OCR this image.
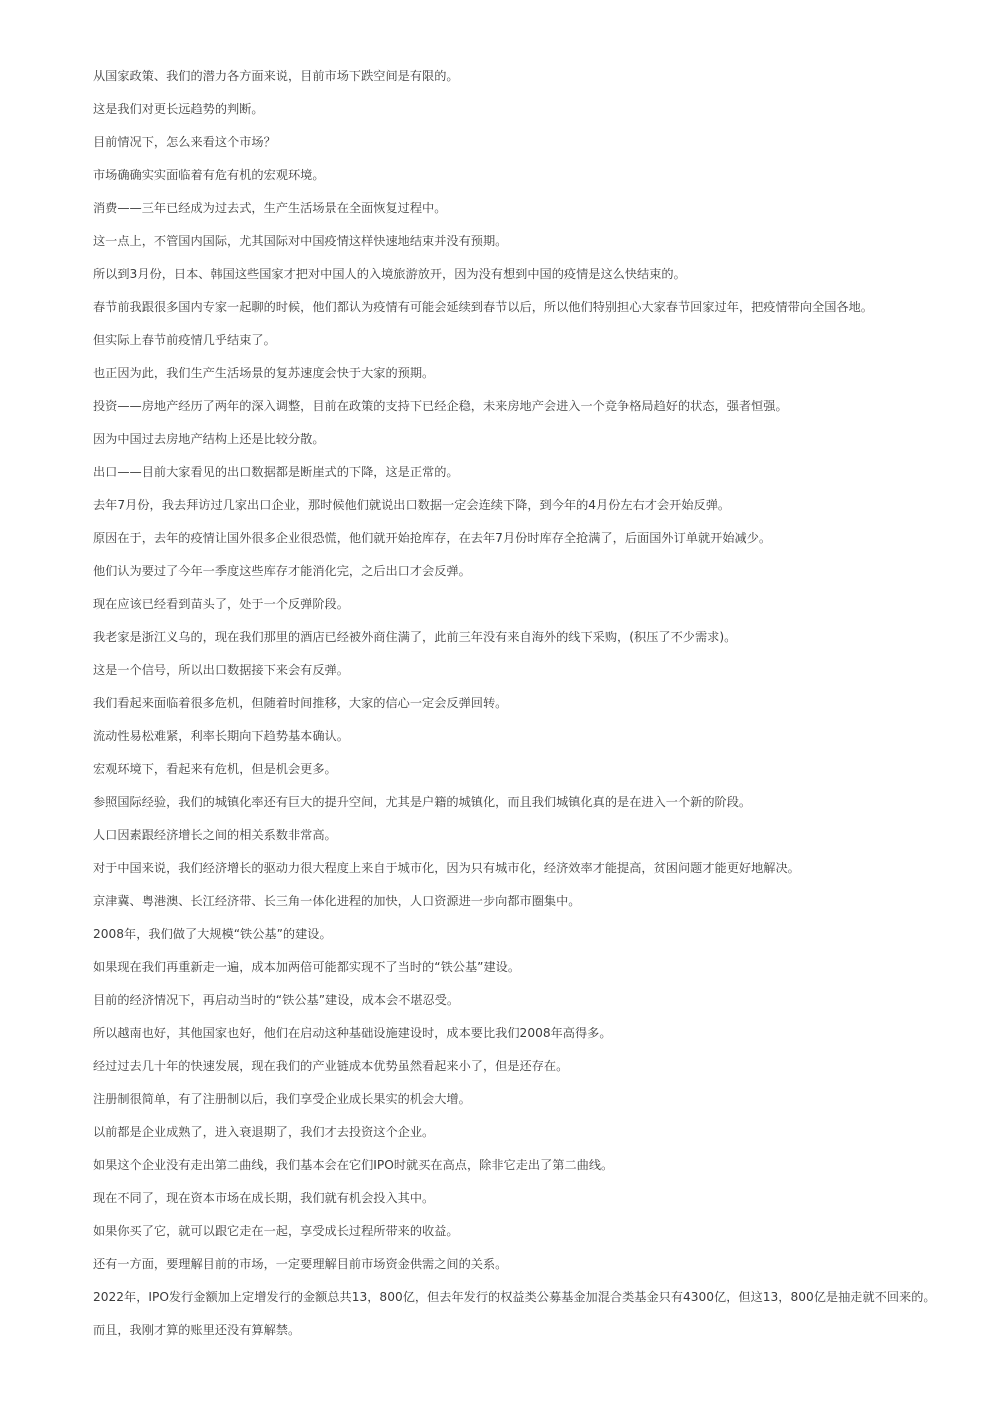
从国家政策、我们的潜力各方面来说，目前市场下跌空间是有限的。

这是我们对更长远趋势的判断。

目前情况下，怎么来看这个市场？

市场确确实实面临着有危有机的宏观环境。

消费——三年已经成为过去式，生产生活场景在全面恢复过程中。

这一点上，不管国内国际，尤其国际对中国疫情这样快速地结束并没有预期。

所以到3月份，日本、韩国这些国家才把对中国人的入境旅游放开，因为没有想到中国的疫情是这么快结束的。

春节前我跟很多国内专家一起聊的时候，他们都认为疫情有可能会延续到春节以后，所以他们特别担心大家春节回家过年，把疫情带向全国各地。

但实际上春节前疫情几乎结束了。

也正因为此，我们生产生活场景的复苏速度会快于大家的预期。

投资——房地产经历了两年的深入调整，目前在政策的支持下已经企稳，未来房地产会进入一个竞争格局趋好的状态，强者恒强。

因为中国过去房地产结构上还是比较分散。

出口——目前大家看见的出口数据都是断崖式的下降，这是正常的。

去年7月份，我去拜访过几家出口企业，那时候他们就说出口数据一定会连续下降，到今年的4月份左右才会开始反弹。

原因在于，去年的疫情让国外很多企业很恐慌，他们就开始抢库存，在去年7月份时库存全抢满了，后面国外订单就开始减少。

他们认为要过了今年一季度这些库存才能消化完，之后出口才会反弹。

现在应该已经看到苗头了，处于一个反弹阶段。

我老家是浙江义乌的，现在我们那里的酒店已经被外商住满了，此前三年没有来自海外的线下采购，(积压了不少需求)。

这是一个信号，所以出口数据接下来会有反弹。

我们看起来面临着很多危机，但随着时间推移，大家的信心一定会反弹回转。

流动性易松难紧，利率长期向下趋势基本确认。

宏观环境下，看起来有危机，但是机会更多。

参照国际经验，我们的城镇化率还有巨大的提升空间，尤其是户籍的城镇化，而且我们城镇化真的是在进入一个新的阶段。

人口因素跟经济增长之间的相关系数非常高。

对于中国来说，我们经济增长的驱动力很大程度上来自于城市化，因为只有城市化，经济效率才能提高，贫困问题才能更好地解决。

京津冀、粤港澳、长江经济带、长三角一体化进程的加快，人口资源进一步向都市圈集中。

2008年，我们做了大规模“铁公基”的建设。

如果现在我们再重新走一遍，成本加两倍可能都实现不了当时的“铁公基”建设。

目前的经济情况下，再启动当时的“铁公基”建设，成本会不堪忍受。

所以越南也好，其他国家也好，他们在启动这种基础设施建设时，成本要比我们2008年高得多。

经过过去几十年的快速发展，现在我们的产业链成本优势虽然看起来小了，但是还存在。

注册制很简单，有了注册制以后，我们享受企业成长果实的机会大增。

以前都是企业成熟了，进入衰退期了，我们才去投资这个企业。

如果这个企业没有走出第二曲线，我们基本会在它们IPO时就买在高点，除非它走出了第二曲线。

现在不同了，现在资本市场在成长期，我们就有机会投入其中。

如果你买了它，就可以跟它走在一起，享受成长过程所带来的收益。

还有一方面，要理解目前的市场，一定要理解目前市场资金供需之间的关系。

2022年，IPO发行金额加上定增发行的金额总共13，800亿，但去年发行的权益类公募基金加混合类基金只有4300亿，但这13，800亿是抽走就不回来的。

而且，我刚才算的账里还没有算解禁。
